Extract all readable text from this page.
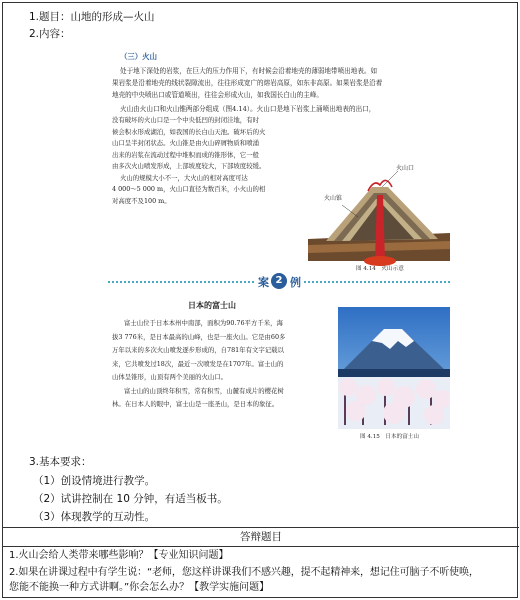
1.题目：山地的形成—火山
2.内容：
（三）火山
处于地下深处的岩浆，在巨大的压力作用下，有时候会沿着地壳的薄弱地带喷出地表。如
果岩浆是沿着地壳的线状裂隙流出，往往形成宽广的熔岩高原，如东非高原。如果岩浆是沿着
地壳的中央喷出口或管道喷出，往往会形成火山，如我国长白山的主峰。
火山由火山口和火山锥两部分组成（图4.14）。火山口是地下岩浆上涌喷出地表的出口，
没有破坏的火山口是一个中央低凹的封闭洼地，有时
候会积水形成湖泊，如我国的长白山天池。破坏后的火
山口呈半封闭状态。火山锥是由火山碎屑物质和喷涌
出来的岩浆在流动过程中堆积而成的锥形体，它一般
由多次火山喷发形成，上部坡度较大，下部坡度较缓。
火山的规模大小不一，大火山的相对高度可达
4 000～5 000 m，火山口直径为数百米，小火山的相
对高度不及100 m。
火山口
火山锥
图 4.14　火山示意
案 2 例
日本的富士山
富士山位于日本本州中南部，面积为90.76平方千米，海
拔3 776米，是日本最高的山峰，也是一座火山。它是由60多
万年以来的多次火山喷发逐步形成的，自781年有文字记载以
来，它共喷发过18次，最近一次喷发是在1707年。富士山的
山体呈锥形，山顶有两个美丽的火山口。
富士山的山顶终年积雪，常有积雪，山麓有成片的樱花树
林。在日本人的眼中，富士山是一座圣山，是日本的象征。
图 4.15　日本的富士山
3.基本要求：
（1）创设情境进行教学。
（2）试讲控制在 10 分钟，有适当板书。
（3）体现教学的互动性。
答辩题目
1.火山会给人类带来哪些影响？【专业知识问题】
2.如果在讲课过程中有学生说：“老师，您这样讲课我们不感兴趣，提不起精神来，想记住可脑子不听使唤，
您能不能换一种方式讲啊。”你会怎么办？【教学实施问题】
